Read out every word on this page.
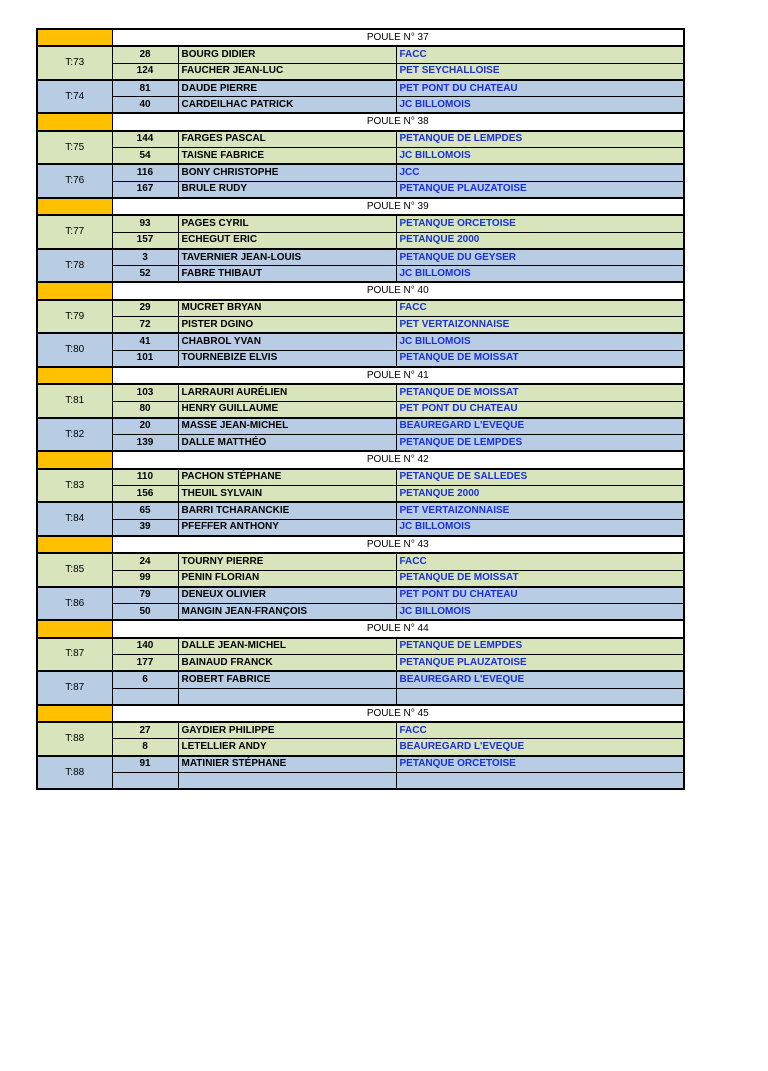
	POULE N° 37		
T:73	28	BOURG DIDIER	FACC
	124	FAUCHER JEAN-LUC	PET SEYCHALLOISE
T:74	81	DAUDE PIERRE	PET PONT DU CHATEAU
	40	CARDEILHAC PATRICK	JC BILLOMOIS
	POULE N° 38		
T:75	144	FARGES PASCAL	PETANQUE DE LEMPDES
	54	TAISNE FABRICE	JC BILLOMOIS
T:76	116	BONY CHRISTOPHE	JCC
	167	BRULE RUDY	PETANQUE PLAUZATOISE
	POULE N° 39		
T:77	93	PAGES CYRIL	PETANQUE ORCETOISE
	157	ECHEGUT ERIC	PETANQUE 2000
T:78	3	TAVERNIER JEAN-LOUIS	PETANQUE DU GEYSER
	52	FABRE THIBAUT	JC BILLOMOIS
	POULE N° 40		
T:79	29	MUCRET BRYAN	FACC
	72	PISTER DGINO	PET VERTAIZONNAISE
T:80	41	CHABROL YVAN	JC BILLOMOIS
	101	TOURNEBIZE ELVIS	PETANQUE DE MOISSAT
	POULE N° 41		
T:81	103	LARRAURI AURÉLIEN	PETANQUE DE MOISSAT
	80	HENRY GUILLAUME	PET PONT DU CHATEAU
T:82	20	MASSE JEAN-MICHEL	BEAUREGARD L'EVEQUE
	139	DALLE MATTHÉO	PETANQUE DE LEMPDES
	POULE N° 42		
T:83	110	PACHON STÉPHANE	PETANQUE DE SALLEDES
	156	THEUIL SYLVAIN	PETANQUE 2000
T:84	65	BARRI TCHARANCKIE	PET VERTAIZONNAISE
	39	PFEFFER ANTHONY	JC BILLOMOIS
	POULE N° 43		
T:85	24	TOURNY PIERRE	FACC
	99	PENIN FLORIAN	PETANQUE DE MOISSAT
T:86	79	DENEUX OLIVIER	PET PONT DU CHATEAU
	50	MANGIN JEAN-FRANÇOIS	JC BILLOMOIS
	POULE N° 44		
T:87	140	DALLE JEAN-MICHEL	PETANQUE DE LEMPDES
	177	BAINAUD FRANCK	PETANQUE PLAUZATOISE
T:87	6	ROBERT FABRICE	BEAUREGARD L'EVEQUE

	POULE N° 45		
T:88	27	GAYDIER PHILIPPE	FACC
	8	LETELLIER ANDY	BEAUREGARD L'EVEQUE
T:88	91	MATINIER STÉPHANE	PETANQUE ORCETOISE
